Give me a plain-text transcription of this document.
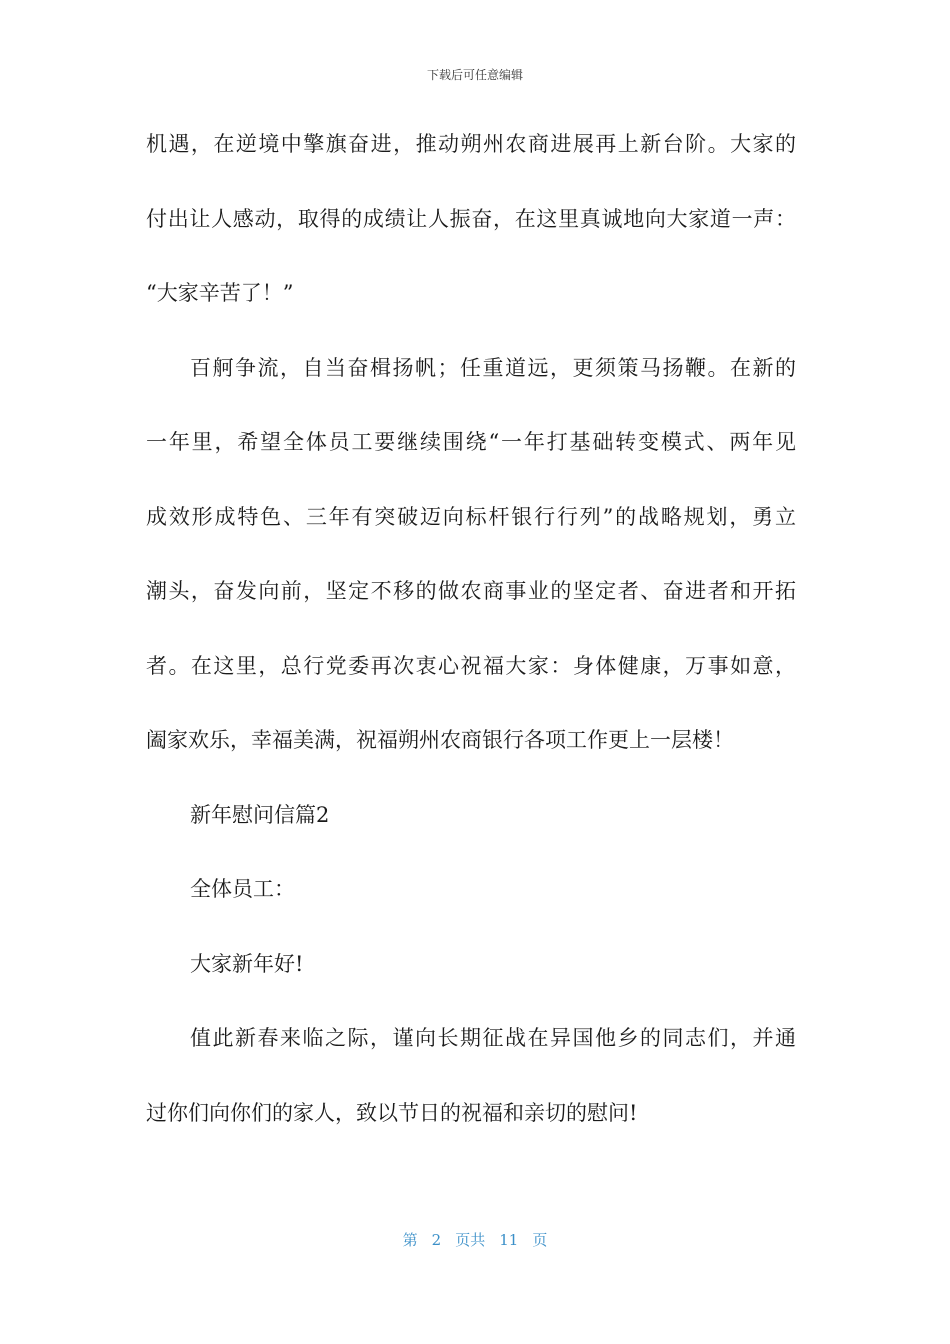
下载后可任意编辑
机遇，在逆境中擎旗奋进，推动朔州农商进展再上新台阶。大家的
付出让人感动，取得的成绩让人振奋，在这里真诚地向大家道一声：
“大家辛苦了！”
百舸争流，自当奋楫扬帆；任重道远，更须策马扬鞭。在新的
一年里，希望全体员工要继续围绕“一年打基础转变模式、两年见
成效形成特色、三年有突破迈向标杆银行行列”的战略规划，勇立
潮头，奋发向前，坚定不移的做农商事业的坚定者、奋进者和开拓
者。在这里，总行党委再次衷心祝福大家：身体健康，万事如意，
阖家欢乐，幸福美满，祝福朔州农商银行各项工作更上一层楼！
新年慰问信篇2
全体员工：
大家新年好!
值此新春来临之际，谨向长期征战在异国他乡的同志们，并通
过你们向你们的家人，致以节日的祝福和亲切的慰问!
第 2 页共 11 页
